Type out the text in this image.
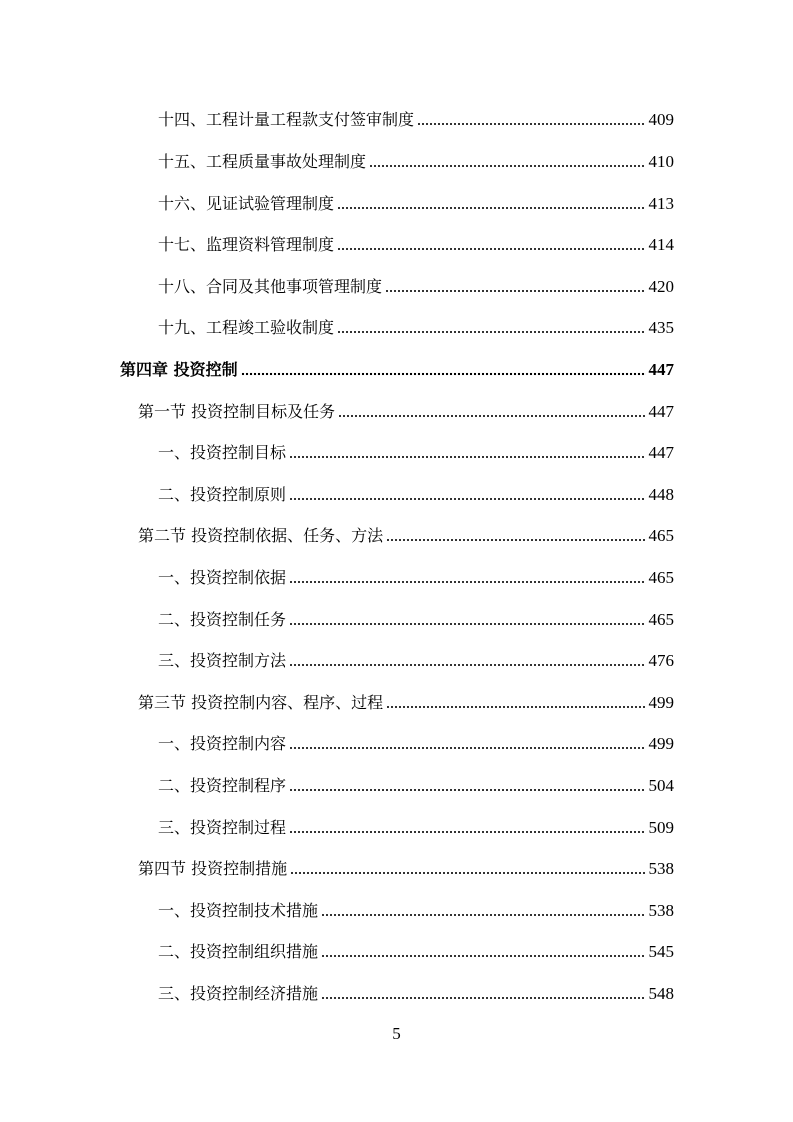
十四、工程计量工程款支付签审制度	409
十五、工程质量事故处理制度	410
十六、见证试验管理制度	413
十七、监理资料管理制度	414
十八、合同及其他事项管理制度	420
十九、工程竣工验收制度	435
第四章 投资控制	447
第一节 投资控制目标及任务	447
一、投资控制目标	447
二、投资控制原则	448
第二节 投资控制依据、任务、方法	465
一、投资控制依据	465
二、投资控制任务	465
三、投资控制方法	476
第三节 投资控制内容、程序、过程	499
一、投资控制内容	499
二、投资控制程序	504
三、投资控制过程	509
第四节 投资控制措施	538
一、投资控制技术措施	538
二、投资控制组织措施	545
三、投资控制经济措施	548
5
